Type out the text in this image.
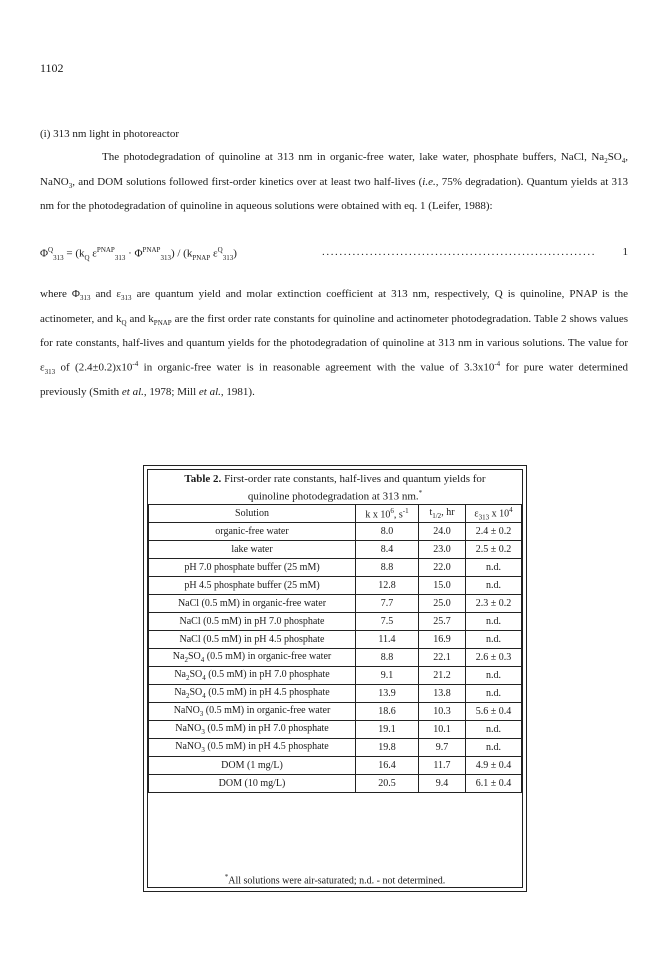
1102
(i) 313 nm light in photoreactor

The photodegradation of quinoline at 313 nm in organic-free water, lake water, phosphate buffers, NaCl, $Na_2SO_4$, NaNO$_3$, and DOM solutions followed first-order kinetics over at least two half-lives (i.e., 75% degradation). Quantum yields at 313 nm for the photodegradation of quinoline in aqueous solutions were obtained with eq. 1 (Leifer, 1988):

$\Phi^Q_{313} = (k_Q$ $\varepsilon^{PNAP}_{313} \cdot \Phi^{PNAP}_{313}) / (k_{PNAP}$ $\varepsilon^Q_{313}$)	...............................................................	1

where $\Phi_{313}$ and $\varepsilon_{313}$ are quantum yield and molar extinction coefficient at 313 nm, respectively, Q is quinoline, PNAP is the actinometer, and $k_Q$ and $k_{PNAP}$ are the first order rate constants for quinoline and actinometer photodegradation. Table 2 shows values for rate constants, half-lives and quantum yields for the photodegradation of quinoline at 313 nm in various solutions. The value for $\varepsilon_{313}$ of $(2.4\pm 0.2)x10^{-4}$ in organic-free water is in reasonable agreement with the value of $3.3x10^{-4}$ for pure water determined previously (Smith et al., 1978; Mill et al., 1981).

Table 2. First-order rate constants, half-lives and quantum yields for
quinoline photodegradation at 313 nm.*
Solution	k x $10^6$, $s^{-1}$	$t_{1/2}$, hr	$\varepsilon_{313}$ x $10^4$
organic-free water	8.0	24.0	2.4 ± 0.2
lake water	8.4	23.0	2.5 ± 0.2
pH 7.0 phosphate buffer (25 mM)	8.8	22.0	n.d.
pH 4.5 phosphate buffer (25 mM)	12.8	15.0	n.d.
NaCl (0.5 mM) in organic-free water	7.7	25.0	2.3 ± 0.2
NaCl (0.5 mM) in pH 7.0 phosphate	7.5	25.7	n.d.
NaCl (0.5 mM) in pH 4.5 phosphate	11.4	16.9	n.d.
$Na_2SO_4$ (0.5 mM) in organic-free water	8.8	22.1	2.6 ± 0.3
$Na_2SO_4$ (0.5 mM) in pH 7.0 phosphate	9.1	21.2	n.d.
$Na_2SO_4$ (0.5 mM) in pH 4.5 phosphate	13.9	13.8	n.d.
NaNO$_3$ (0.5 mM) in organic-free water	18.6	10.3	5.6 ± 0.4
NaNO$_3$ (0.5 mM) in pH 7.0 phosphate	19.1	10.1	n.d.
NaNO$_3$ (0.5 mM) in pH 4.5 phosphate	19.8	9.7	n.d.
DOM (1 mg/L)	16.4	11.7	4.9 ± 0.4
DOM (10 mg/L)	20.5	9.4	6.1 ± 0.4
*All solutions were air-saturated; n.d. - not determined.
